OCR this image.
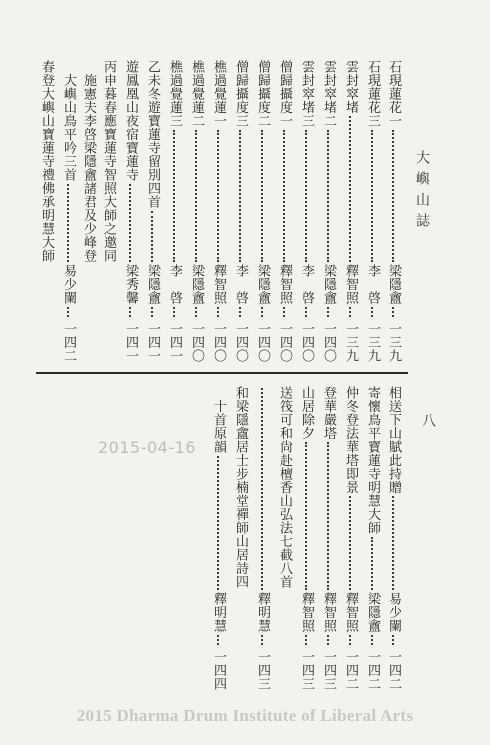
大嶼山誌
八
石現蓮花一
梁隱盦
一三九
石現蓮花三
李　啓
一三九
雲封窣堵
釋智照
一三九
雲封窣堵二
梁隱盦
一四〇
雲封窣堵三
李　啓
一四〇
僧歸攝度一
釋智照
一四〇
僧歸攝度二
梁隱盦
一四〇
僧歸攝度三
李　啓
一四〇
樵過覺蓮一
釋智照
一四〇
樵過覺蓮二
梁隱盦
一四〇
樵過覺蓮三
李　啓
一四一
乙未冬遊寶蓮寺留別四首
梁隱盦
一四一
遊鳳凰山夜宿寶蓮寺
梁秀馨
一四一
丙申暮春應寶蓮寺智照大師之邀同
　施憲夫李啓梁隱盦諸君及少峰登
　大嶼山鳥平吟三首
易少闌
一四二
春登大嶼山寶蓮寺禮佛承明慧大師
相送下山賦此持贈
易少闌
一四二
寄懷鳥平寶蓮寺明慧大師
梁隱盦
一四二
仲冬登法華塔即景
釋智照
一四二
登華嚴塔
釋智照
一四三
山居除夕
釋智照
一四三
送筏可和尙赴檀香山弘法七截八首
釋明慧
一四三
和梁隱盦居士步楠堂禪師山居詩四
　十首原韻
釋明慧
一四四
2015-04-16
2015 Dharma Drum Institute of Liberal Arts
